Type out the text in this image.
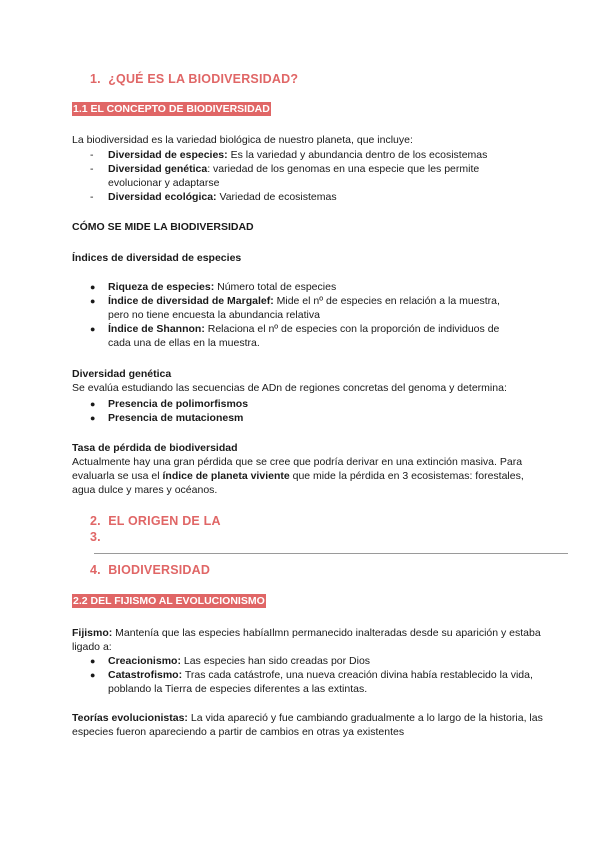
1. ¿QUÉ ES LA BIODIVERSIDAD?
1.1 EL CONCEPTO DE BIODIVERSIDAD
La biodiversidad es la variedad biológica de nuestro planeta, que incluye:
- Diversidad de especies: Es la variedad y abundancia dentro de los ecosistemas
- Diversidad genética: variedad de los genomas en una especie que les permite
evolucionar y adaptarse
- Diversidad ecológica: Variedad de ecosistemas
CÓMO SE MIDE LA BIODIVERSIDAD
Índices de diversidad de especies
● Riqueza de especies: Número total de especies
● Índice de diversidad de Margalef: Mide el nº de especies en relación a la muestra,
pero no tiene encuesta la abundancia relativa
● Índice de Shannon: Relaciona el nº de especies con la proporción de individuos de
cada una de ellas en la muestra.
Diversidad genética
Se evalúa estudiando las secuencias de ADn de regiones concretas del genoma y determina:
● Presencia de polimorfismos
● Presencia de mutacionesm
Tasa de pérdida de biodiversidad
Actualmente hay una gran pérdida que se cree que podría derivar en una extinción masiva. Para
evaluarla se usa el índice de planeta viviente que mide la pérdida en 3 ecosistemas: forestales,
agua dulce y mares y océanos.
2. EL ORIGEN DE LA
3.
4. BIODIVERSIDAD
2.2 DEL FIJISMO AL EVOLUCIONISMO
Fijismo: Mantenía que las especies habíaIlmn permanecido inalteradas desde su aparición y estaba
ligado a:
● Creacionismo: Las especies han sido creadas por Dios
● Catastrofismo: Tras cada catástrofe, una nueva creación divina había restablecido la vida,
poblando la Tierra de especies diferentes a las extintas.
Teorías evolucionistas: La vida apareció y fue cambiando gradualmente a lo largo de la historia, las
especies fueron apareciendo a partir de cambios en otras ya existentes
